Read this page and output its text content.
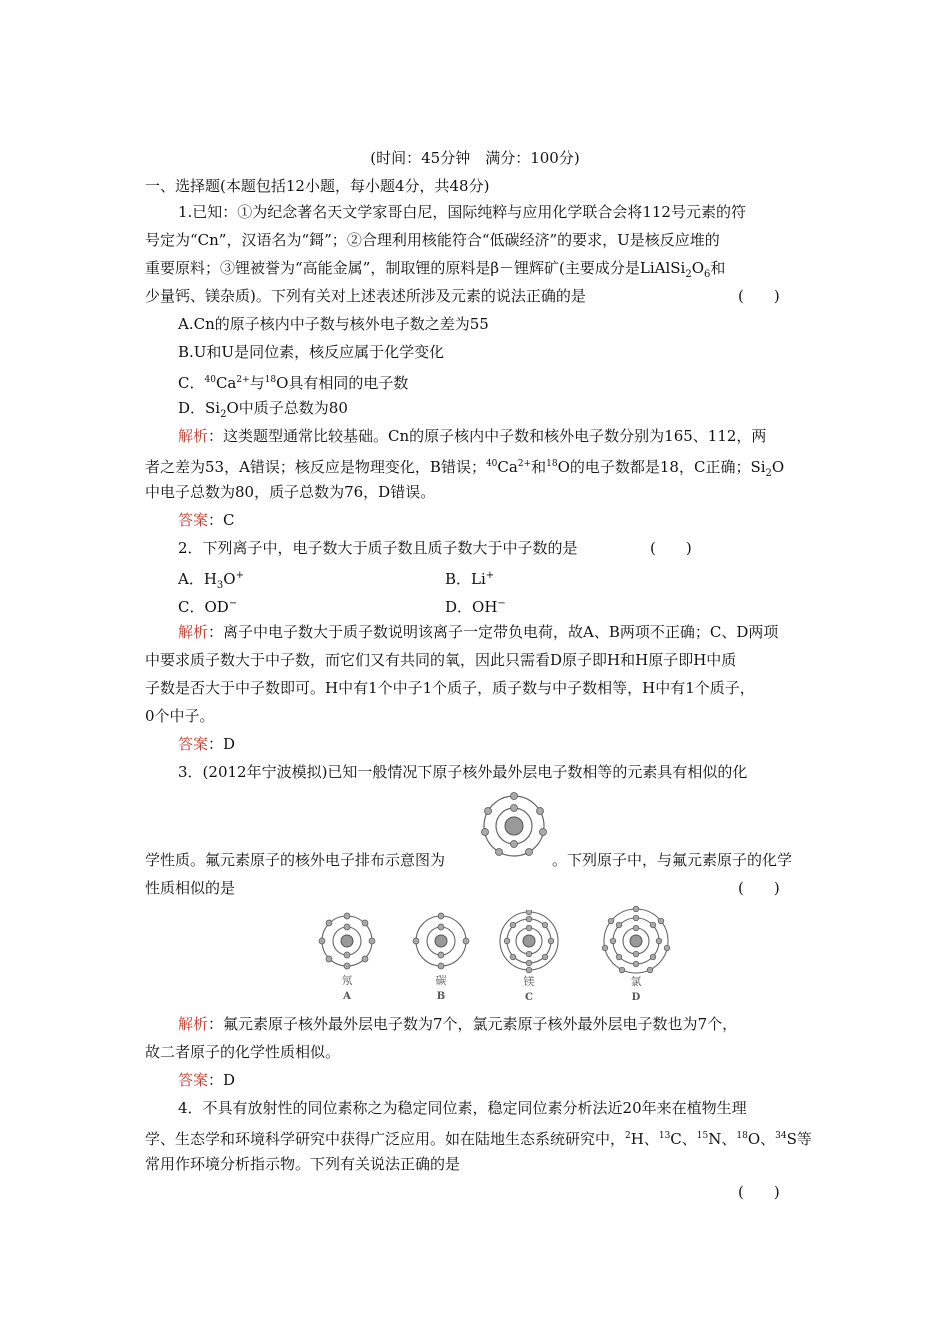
(时间：45分钟　满分：100分)
一、选择题(本题包括12小题，每小题4分，共48分)
1.已知：①为纪念著名天文学家哥白尼，国际纯粹与应用化学联合会将112号元素的符
号定为“Cn”，汉语名为“鎶”；②合理利用核能符合“低碳经济”的要求，U是核反应堆的
重要原料；③锂被誉为“高能金属”，制取锂的原料是β－锂辉矿(主要成分是$LiAlSi_2O_6$和
少量钙、镁杂质)。下列有关对上述表述所涉及元素的说法正确的是	(　　)
A.Cn的原子核内中子数与核外电子数之差为55
B.U和U是同位素，核反应属于化学变化
C．$^{40}Ca^{2+}$与$^{18}$O具有相同的电子数
D．$Si_2O$中质子总数为80
解析：这类题型通常比较基础。Cn的原子核内中子数和核外电子数分别为165、112，两
者之差为53，A错误；核反应是物理变化，B错误；$^{40}Ca^{2+}$和$^{18}$O的电子数都是18，C正确；$Si_2O$
中电子总数为80，质子总数为76，D错误。
答案：C
2．下列离子中，电子数大于质子数且质子数大于中子数的是	(　　)
A．$H_3O^+$	B．Li+
C．OD−	D．OH−
解析：离子中电子数大于质子数说明该离子一定带负电荷，故A、B两项不正确；C、D两项
中要求质子数大于中子数，而它们又有共同的氧，因此只需看D原子即H和H原子即H中质
子数是否大于中子数即可。H中有1个中子1个质子，质子数与中子数相等，H中有1个质子，
0个中子。
答案：D
3．(2012年宁波模拟)已知一般情况下原子核外最外层电子数相等的元素具有相似的化
学性质。氟元素原子的核外电子排布示意图为	。下列原子中，与氟元素原子的化学
性质相似的是	(　　)
氖
A
碳
B
镁
C
氯
D
解析：氟元素原子核外最外层电子数为7个，氯元素原子核外最外层电子数也为7个，
故二者原子的化学性质相似。
答案：D
4．不具有放射性的同位素称之为稳定同位素，稳定同位素分析法近20年来在植物生理
学、生态学和环境科学研究中获得广泛应用。如在陆地生态系统研究中，$^2$H、$^{13}$C、$^{15}$N、$^{18}$O、$^{34}$S等
常用作环境分析指示物。下列有关说法正确的是
(　　)
